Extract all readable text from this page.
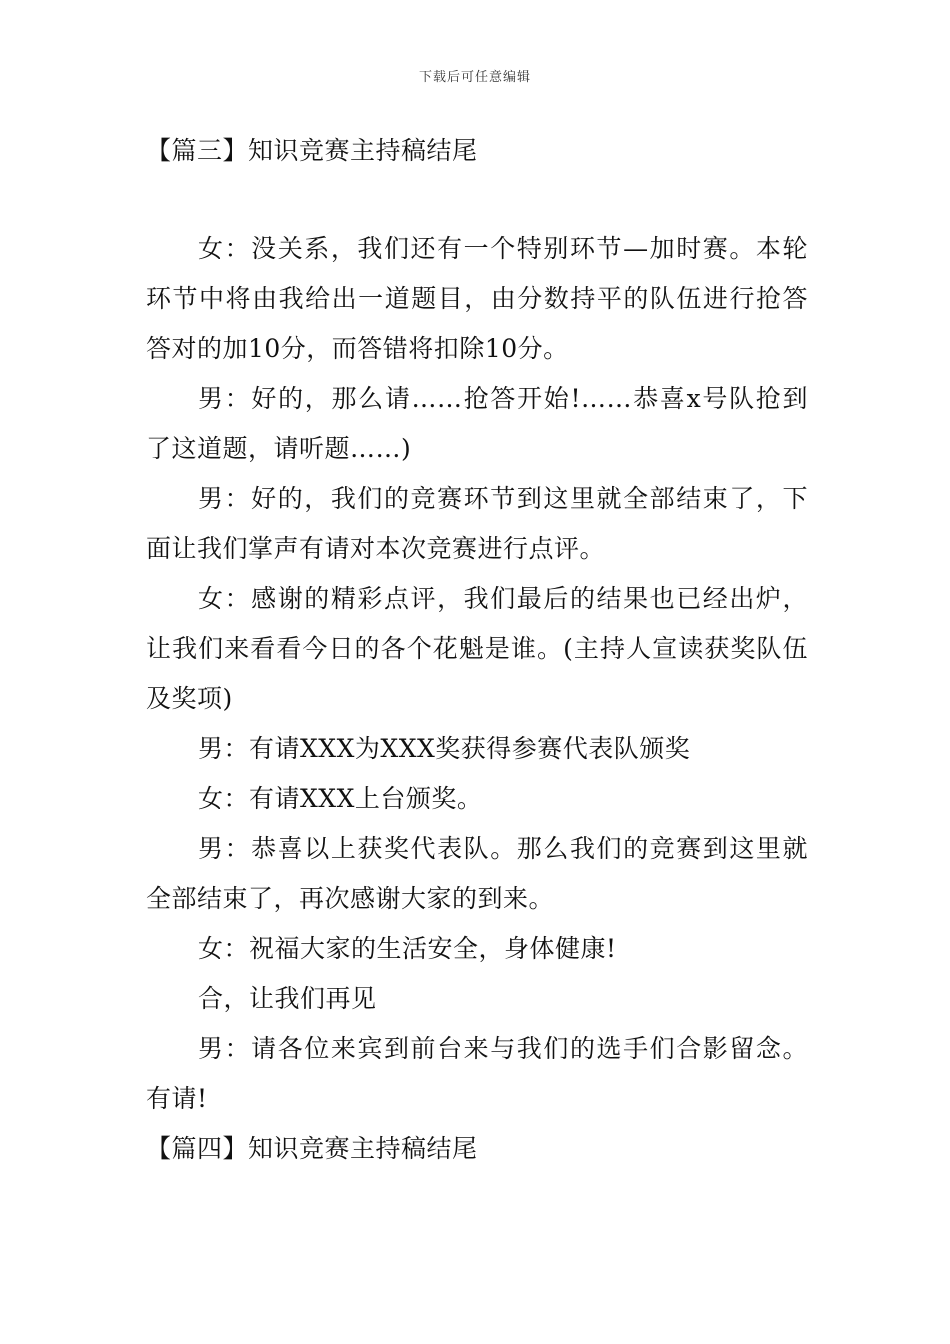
下载后可任意编辑
【篇三】知识竞赛主持稿结尾

女：没关系，我们还有一个特别环节—加时赛。本轮环节中将由我给出一道题目，由分数持平的队伍进行抢答答对的加10分，而答错将扣除10分。

男：好的，那么请……抢答开始!……恭喜x号队抢到了这道题，请听题……)

男：好的，我们的竞赛环节到这里就全部结束了，下面让我们掌声有请对本次竞赛进行点评。

女：感谢的精彩点评，我们最后的结果也已经出炉，让我们来看看今日的各个花魁是谁。(主持人宣读获奖队伍及奖项)

男：有请XXX为XXX奖获得参赛代表队颁奖

女：有请XXX上台颁奖。

男：恭喜以上获奖代表队。那么我们的竞赛到这里就全部结束了，再次感谢大家的到来。

女：祝福大家的生活安全，身体健康!

合，让我们再见

男：请各位来宾到前台来与我们的选手们合影留念。有请!

【篇四】知识竞赛主持稿结尾
